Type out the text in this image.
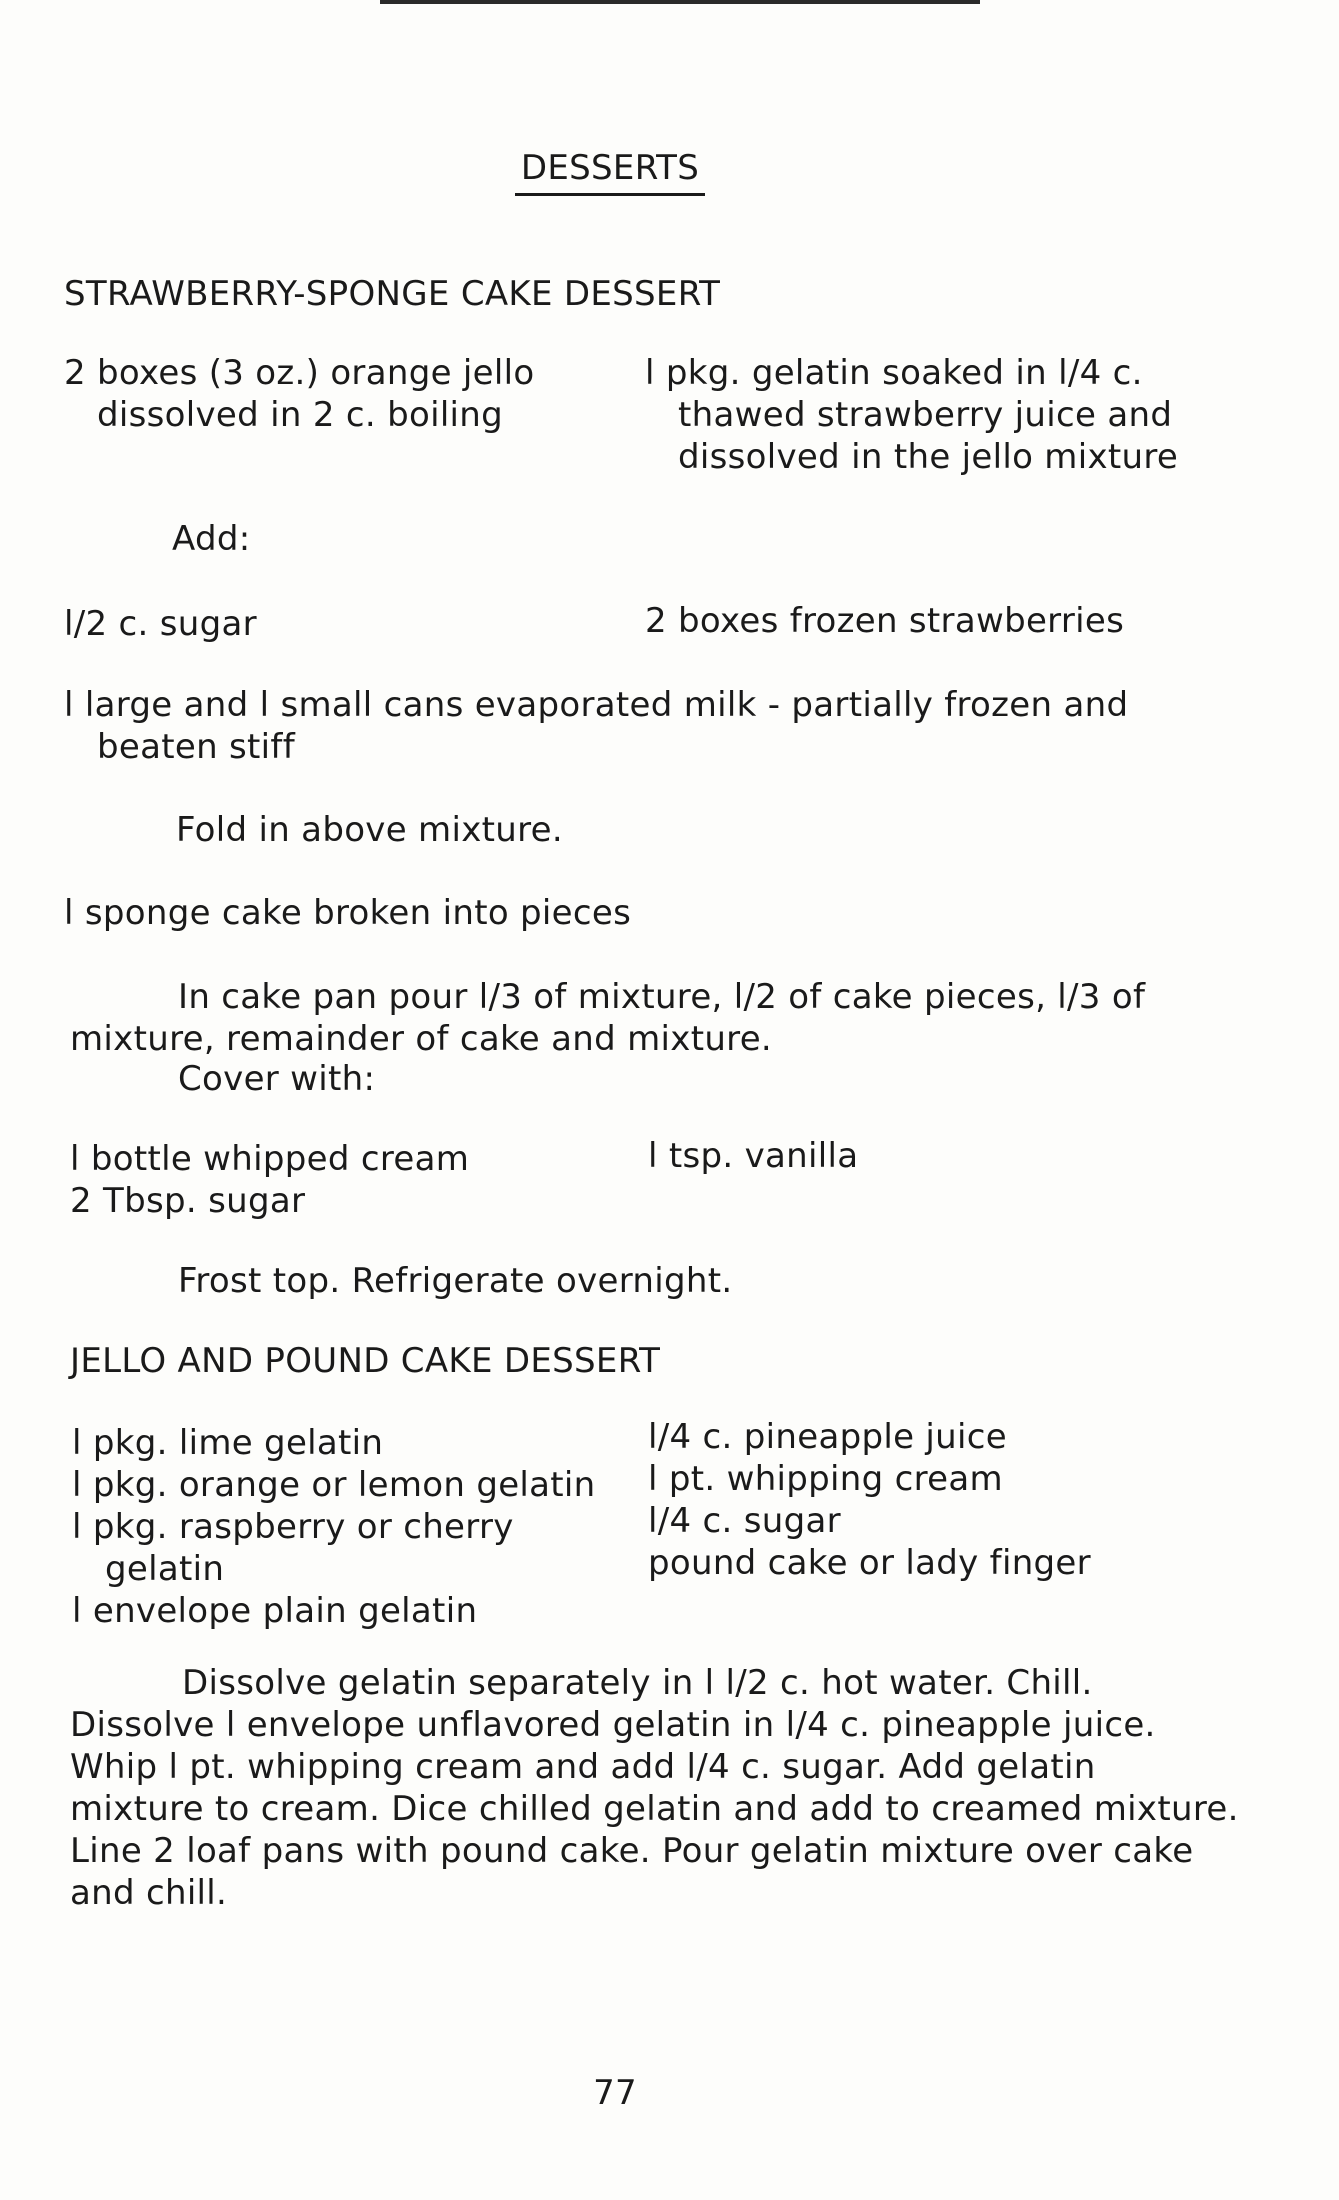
DESSERTS
STRAWBERRY-SPONGE CAKE DESSERT
2 boxes (3 oz.) orange jello
dissolved in 2 c. boiling
l pkg. gelatin soaked in l/4 c.
thawed strawberry juice and
dissolved in the jello mixture
Add:
l/2 c. sugar	2 boxes frozen strawberries
l large and l small cans evaporated milk - partially frozen and
beaten stiff
Fold in above mixture.
l sponge cake broken into pieces
In cake pan pour l/3 of mixture, l/2 of cake pieces, l/3 of
mixture, remainder of cake and mixture.
Cover with:
l bottle whipped cream
2 Tbsp. sugar
l tsp. vanilla
Frost top. Refrigerate overnight.
JELLO AND POUND CAKE DESSERT
l pkg. lime gelatin
l pkg. orange or lemon gelatin
l pkg. raspberry or cherry
gelatin
l envelope plain gelatin
l/4 c. pineapple juice
l pt. whipping cream
l/4 c. sugar
pound cake or lady finger
Dissolve gelatin separately in l l/2 c. hot water. Chill.
Dissolve l envelope unflavored gelatin in l/4 c. pineapple juice.
Whip l pt. whipping cream and add l/4 c. sugar. Add gelatin
mixture to cream. Dice chilled gelatin and add to creamed mixture.
Line 2 loaf pans with pound cake. Pour gelatin mixture over cake
and chill.
77
